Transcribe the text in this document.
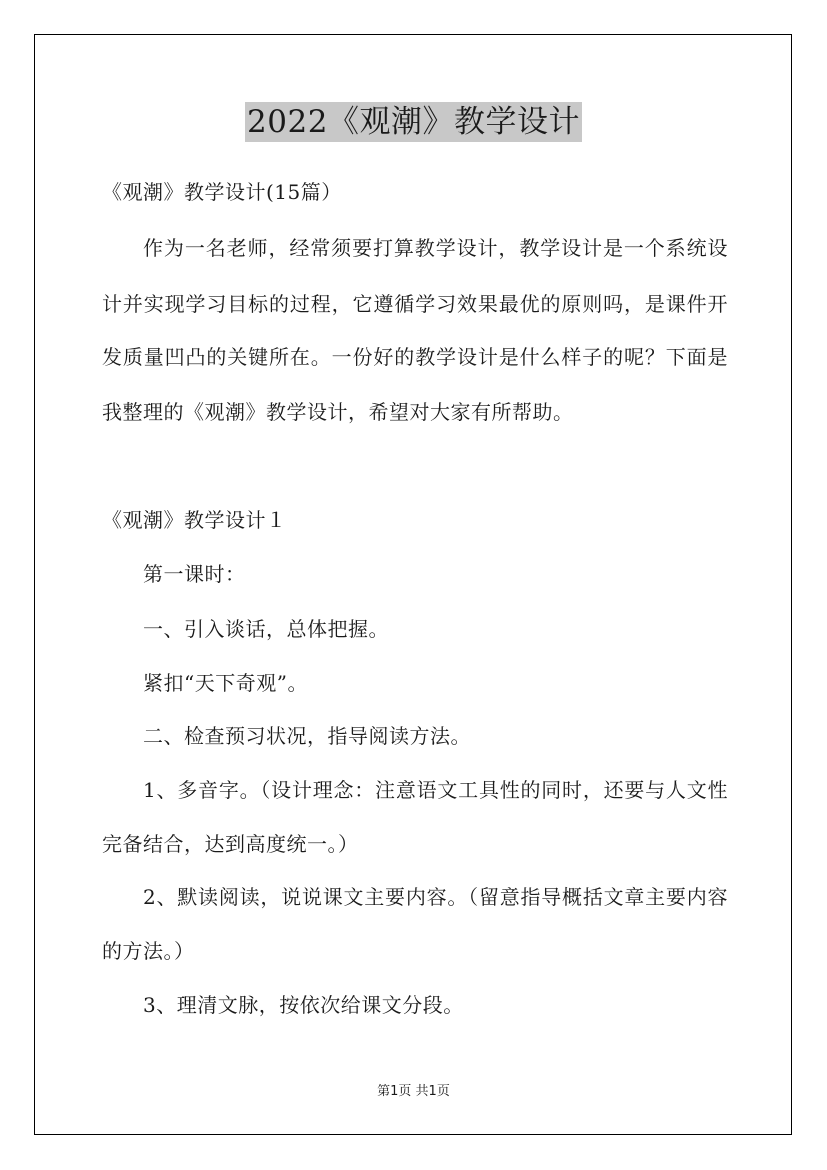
2022《观潮》教学设计

《观潮》教学设计(15篇）

作为一名老师，经常须要打算教学设计，教学设计是一个系统设

计并实现学习目标的过程，它遵循学习效果最优的原则吗，是课件开

发质量凹凸的关键所在。一份好的教学设计是什么样子的呢？下面是

我整理的《观潮》教学设计，希望对大家有所帮助。

《观潮》教学设计１

第一课时：

一、引入谈话，总体把握。

紧扣“天下奇观”。

二、检查预习状况，指导阅读方法。

1、多音字。（设计理念：注意语文工具性的同时，还要与人文性

完备结合，达到高度统一。）

2、默读阅读，说说课文主要内容。（留意指导概括文章主要内容

的方法。）

3、理清文脉，按依次给课文分段。

第1页 共1页
